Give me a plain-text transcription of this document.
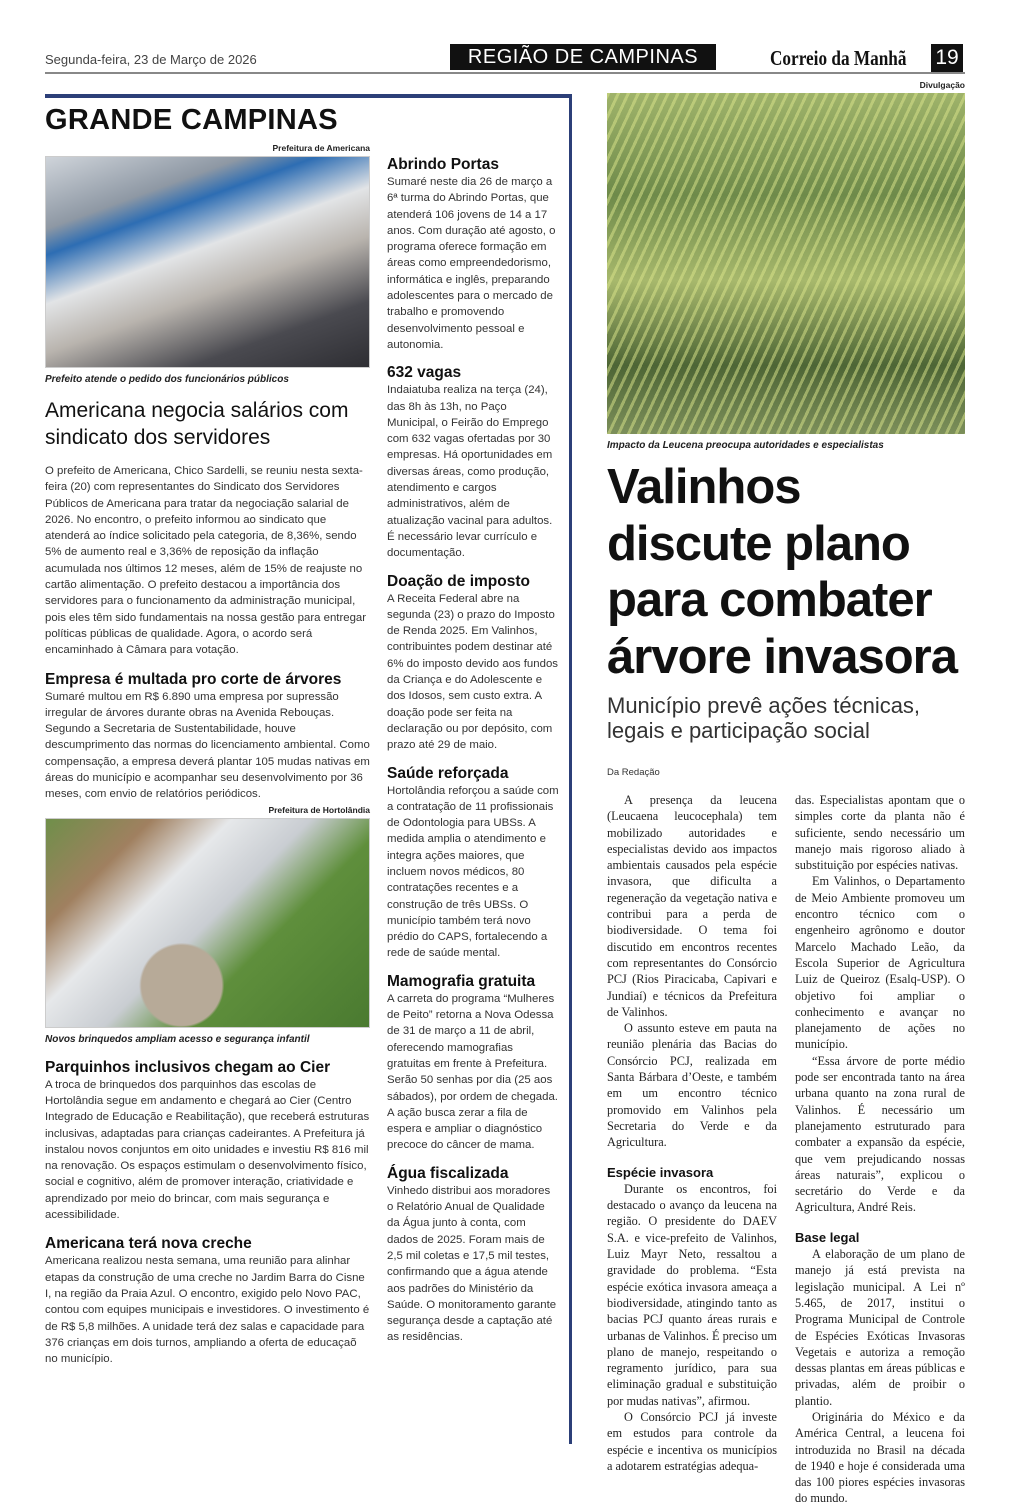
Segunda-feira, 23 de Março de 2026	REGIÃO DE CAMPINAS	Correio da Manhã 19
GRANDE CAMPINAS
Prefeitura de Americana
Prefeito atende o pedido dos funcionários públicos
Americana negocia salários com sindicato dos servidores
O prefeito de Americana, Chico Sardelli, se reuniu nesta sexta-feira (20) com representantes do Sindicato dos Servidores Públicos de Americana para tratar da negociação salarial de 2026. No encontro, o prefeito informou ao sindicato que atenderá ao índice solicitado pela categoria, de 8,36%, sendo 5% de aumento real e 3,36% de reposição da inflação acumulada nos últimos 12 meses, além de 15% de reajuste no cartão alimentação. O prefeito destacou a importância dos servidores para o funcionamento da administração municipal, pois eles têm sido fundamentais na nossa gestão para entregar políticas públicas de qualidade. Agora, o acordo será encaminhado à Câmara para votação.
Empresa é multada pro corte de árvores
Sumaré multou em R$ 6.890 uma empresa por supressão irregular de árvores durante obras na Avenida Rebouças. Segundo a Secretaria de Sustentabilidade, houve descumprimento das normas do licenciamento ambiental. Como compensação, a empresa deverá plantar 105 mudas nativas em áreas do município e acompanhar seu desenvolvimento por 36 meses, com envio de relatórios periódicos.
Prefeitura de Hortolândia
Novos brinquedos ampliam acesso e segurança infantil
Parquinhos inclusivos chegam ao Cier
A troca de brinquedos dos parquinhos das escolas de Hortolândia segue em andamento e chegará ao Cier (Centro Integrado de Educação e Reabilitação), que receberá estruturas inclusivas, adaptadas para crianças cadeirantes. A Prefeitura já instalou novos conjuntos em oito unidades e investiu R$ 816 mil na renovação. Os espaços estimulam o desenvolvimento físico, social e cognitivo, além de promover interação, criatividade e aprendizado por meio do brincar, com mais segurança e acessibilidade.
Americana terá nova creche
Americana realizou nesta semana, uma reunião para alinhar etapas da construção de uma creche no Jardim Barra do Cisne I, na região da Praia Azul. O encontro, exigido pelo Novo PAC, contou com equipes municipais e investidores. O investimento é de R$ 5,8 milhões. A unidade terá dez salas e capacidade para 376 crianças em dois turnos, ampliando a oferta de educaçaõ no município.
Abrindo Portas
Sumaré neste dia 26 de março a 6ª turma do Abrindo Portas, que atenderá 106 jovens de 14 a 17 anos. Com duração até agosto, o programa oferece formação em áreas como empreendedorismo, informática e inglês, preparando adolescentes para o mercado de trabalho e promovendo desenvolvimento pessoal e autonomia.
632 vagas
Indaiatuba realiza na terça (24), das 8h às 13h, no Paço Municipal, o Feirão do Emprego com 632 vagas ofertadas por 30 empresas. Há oportunidades em diversas áreas, como produção, atendimento e cargos administrativos, além de atualização vacinal para adultos. É necessário levar currículo e documentação.
Doação de imposto
A Receita Federal abre na segunda (23) o prazo do Imposto de Renda 2025. Em Valinhos, contribuintes podem destinar até 6% do imposto devido aos fundos da Criança e do Adolescente e dos Idosos, sem custo extra. A doação pode ser feita na declaração ou por depósito, com prazo até 29 de maio.
Saúde reforçada
Hortolândia reforçou a saúde com a contratação de 11 profissionais de Odontologia para UBSs. A medida amplia o atendimento e integra ações maiores, que incluem novos médicos, 80 contratações recentes e a construção de três UBSs. O município também terá novo prédio do CAPS, fortalecendo a rede de saúde mental.
Mamografia gratuita
A carreta do programa “Mulheres de Peito” retorna a Nova Odessa de 31 de março a 11 de abril, oferecendo mamografias gratuitas em frente à Prefeitura. Serão 50 senhas por dia (25 aos sábados), por ordem de chegada. A ação busca zerar a fila de espera e ampliar o diagnóstico precoce do câncer de mama.
Água fiscalizada
Vinhedo distribui aos moradores o Relatório Anual de Qualidade da Água junto à conta, com dados de 2025. Foram mais de 2,5 mil coletas e 17,5 mil testes, confirmando que a água atende aos padrões do Ministério da Saúde. O monitoramento garante segurança desde a captação até as residências.
Divulgação
Impacto da Leucena preocupa autoridades e especialistas
Valinhos discute plano para combater árvore invasora
Município prevê ações técnicas, legais e participação social
Da Redação

A presença da leucena (Leucaena leucocephala) tem mobilizado autoridades e especialistas devido aos impactos ambientais causados pela espécie invasora, que dificulta a regeneração da vegetação nativa e contribui para a perda de biodiversidade. O tema foi discutido em encontros recentes com representantes do Consórcio PCJ (Rios Piracicaba, Capivari e Jundiaí) e técnicos da Prefeitura de Valinhos.

O assunto esteve em pauta na reunião plenária das Bacias do Consórcio PCJ, realizada em Santa Bárbara d’Oeste, e também em um encontro técnico promovido em Valinhos pela Secretaria do Verde e da Agricultura.

Espécie invasora

Durante os encontros, foi destacado o avanço da leucena na região. O presidente do DAEV S.A. e vice-prefeito de Valinhos, Luiz Mayr Neto, ressaltou a gravidade do problema. “Esta espécie exótica invasora ameaça a biodiversidade, atingindo tanto as bacias PCJ quanto áreas rurais e urbanas de Valinhos. É preciso um plano de manejo, respeitando o regramento jurídico, para sua eliminação gradual e substituição por mudas nativas”, afirmou.

O Consórcio PCJ já investe em estudos para controle da espécie e incentiva os municípios a adotarem estratégias adequa-

das. Especialistas apontam que o simples corte da planta não é suficiente, sendo necessário um manejo mais rigoroso aliado à substituição por espécies nativas.

Em Valinhos, o Departamento de Meio Ambiente promoveu um encontro técnico com o engenheiro agrônomo e doutor Marcelo Machado Leão, da Escola Superior de Agricultura Luiz de Queiroz (Esalq-USP). O objetivo foi ampliar o conhecimento e avançar no planejamento de ações no município.

“Essa árvore de porte médio pode ser encontrada tanto na área urbana quanto na zona rural de Valinhos. É necessário um planejamento estruturado para combater a expansão da espécie, que vem prejudicando nossas áreas naturais”, explicou o secretário do Verde e da Agricultura, André Reis.

Base legal

A elaboração de um plano de manejo já está prevista na legislação municipal. A Lei nº 5.465, de 2017, institui o Programa Municipal de Controle de Espécies Exóticas Invasoras Vegetais e autoriza a remoção dessas plantas em áreas públicas e privadas, além de proibir o plantio.

Originária do México e da América Central, a leucena foi introduzida no Brasil na década de 1940 e hoje é considerada uma das 100 piores espécies invasoras do mundo.
